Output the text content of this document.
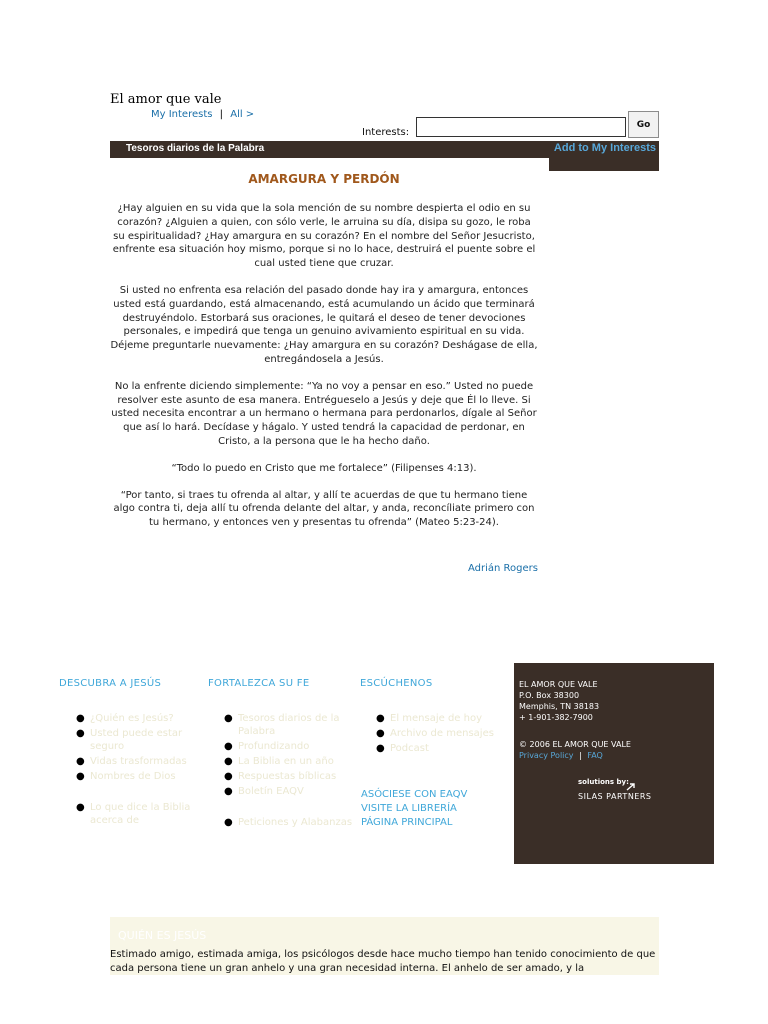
El amor que vale
My Interests | All >
Interests:
Go
Tesoros diarios de la Palabra	Add to My Interests
AMARGURA Y PERDÓN

¿Hay alguien en su vida que la sola mención de su nombre despierta el odio en su corazón? ¿Alguien a quien, con sólo verle, le arruina su día, disipa su gozo, le roba su espiritualidad? ¿Hay amargura en su corazón? En el nombre del Señor Jesucristo, enfrente esa situación hoy mismo, porque si no lo hace, destruirá el puente sobre el cual usted tiene que cruzar.

Si usted no enfrenta esa relación del pasado donde hay ira y amargura, entonces usted está guardando, está almacenando, está acumulando un ácido que terminará destruyéndolo. Estorbará sus oraciones, le quitará el deseo de tener devociones personales, e impedirá que tenga un genuino avivamiento espiritual en su vida. Déjeme preguntarle nuevamente: ¿Hay amargura en su corazón? Deshágase de ella, entregándosela a Jesús.

No la enfrente diciendo simplemente: “Ya no voy a pensar en eso.” Usted no puede resolver este asunto de esa manera. Entrégueselo a Jesús y deje que Él lo lleve. Si usted necesita encontrar a un hermano o hermana para perdonarlos, dígale al Señor que así lo hará. Decídase y hágalo. Y usted tendrá la capacidad de perdonar, en Cristo, a la persona que le ha hecho daño.

“Todo lo puedo en Cristo que me fortalece” (Filipenses 4:13).

“Por tanto, si traes tu ofrenda al altar, y allí te acuerdas de que tu hermano tiene algo contra ti, deja allí tu ofrenda delante del altar, y anda, reconcíliate primero con tu hermano, y entonces ven y presentas tu ofrenda” (Mateo 5:23-24).

Adrián Rogers
DESCUBRA A JESÚS	FORTALEZCA SU FE	ESCÚCHENOS
● ¿Quién es Jesús?
● Usted puede estar seguro
● Vidas trasformadas
● Nombres de Dios
● Lo que dice la Biblia acerca de
● Tesoros diarios de la Palabra
● Profundizando
● La Biblia en un año
● Respuestas bíblicas
● Boletín EAQV
● Peticiones y Alabanzas
● El mensaje de hoy
● Archivo de mensajes
● Podcast
ASÓCIESE CON EAQV
VISITE LA LIBRERÍA
PÁGINA PRINCIPAL
EL AMOR QUE VALE
P.O. Box 38300
Memphis, TN 38183
+ 1-901-382-7900
© 2006 EL AMOR QUE VALE
Privacy Policy | FAQ
solutions by:
SILAS PARTNERS
QUIÉN ES JESÚS
Estimado amigo, estimada amiga, los psicólogos desde hace mucho tiempo han tenido conocimiento de que cada persona tiene un gran anhelo y una gran necesidad interna. El anhelo de ser amado, y la
